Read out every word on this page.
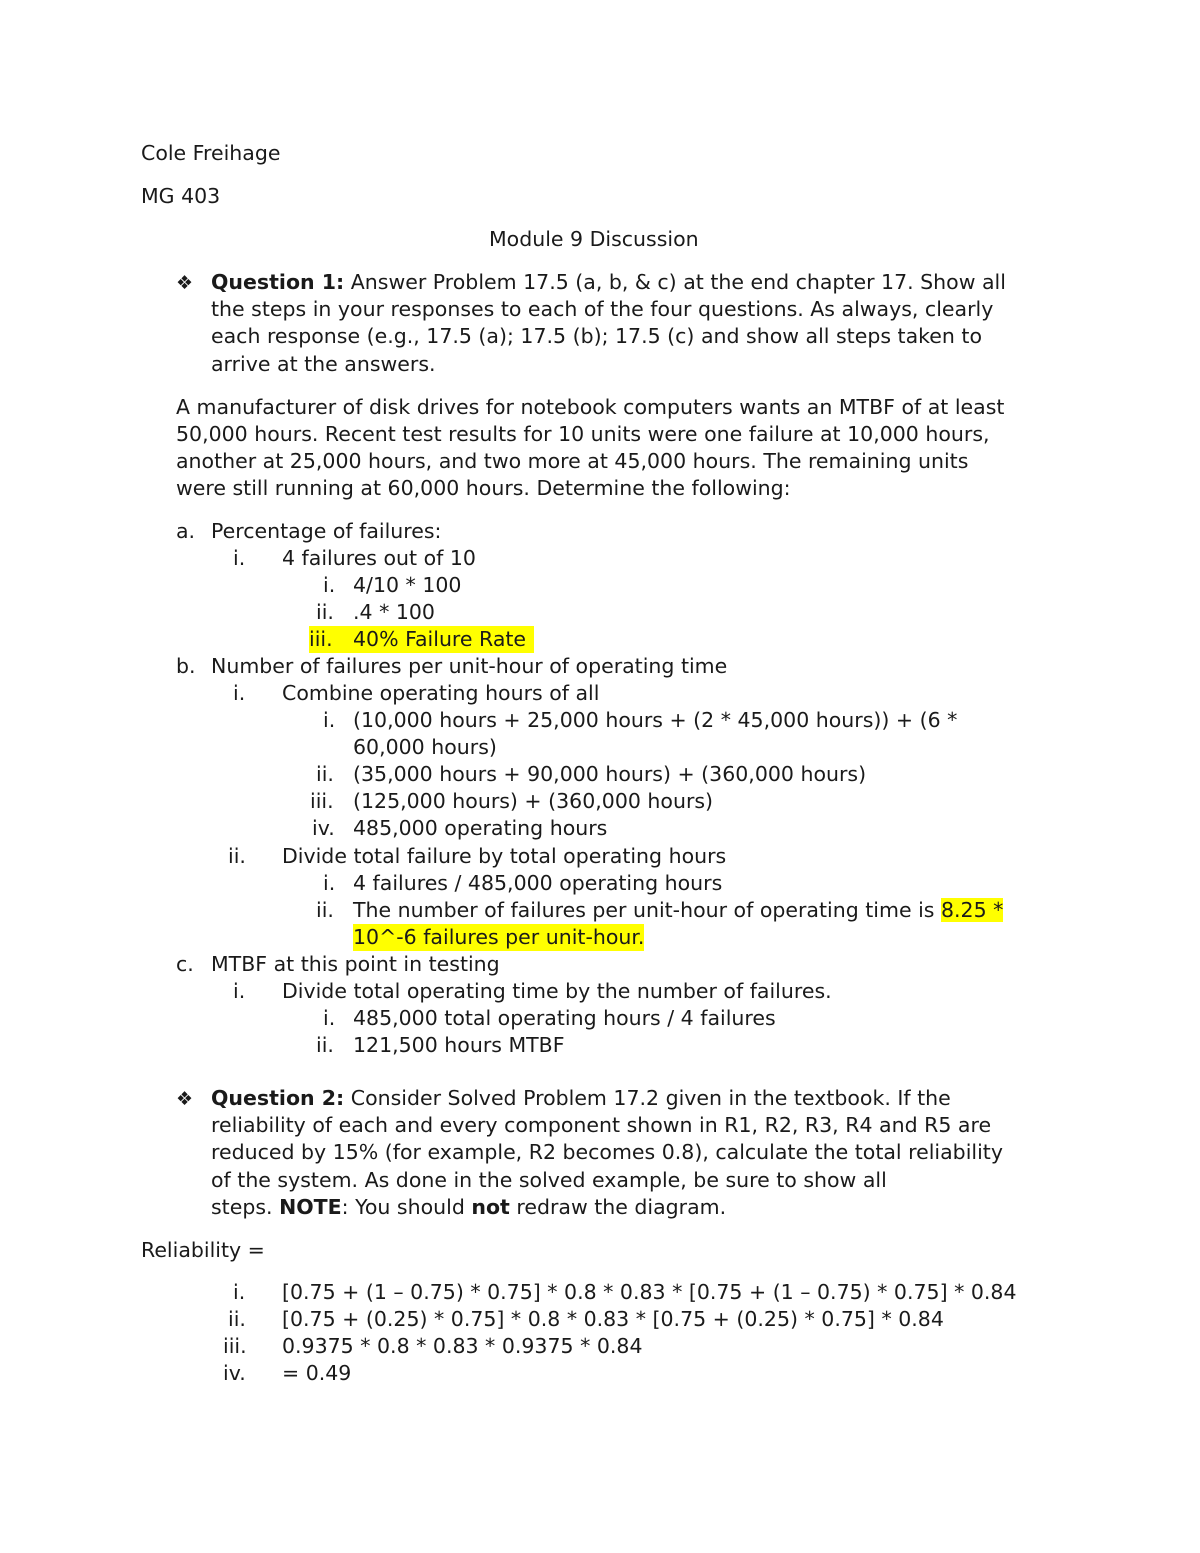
Cole Freihage
MG 403
Module 9 Discussion
❖ Question 1: Answer Problem 17.5 (a, b, & c) at the end chapter 17. Show all
the steps in your responses to each of the four questions. As always, clearly
each response (e.g., 17.5 (a); 17.5 (b); 17.5 (c) and show all steps taken to
arrive at the answers.
A manufacturer of disk drives for notebook computers wants an MTBF of at least
50,000 hours. Recent test results for 10 units were one failure at 10,000 hours,
another at 25,000 hours, and two more at 45,000 hours. The remaining units
were still running at 60,000 hours. Determine the following:
a. Percentage of failures:
i. 4 failures out of 10
i. 4/10 * 100
ii. .4 * 100
iii. 40% Failure Rate
b. Number of failures per unit-hour of operating time
i. Combine operating hours of all
i. (10,000 hours + 25,000 hours + (2 * 45,000 hours)) + (6 *
60,000 hours)
ii. (35,000 hours + 90,000 hours) + (360,000 hours)
iii. (125,000 hours) + (360,000 hours)
iv. 485,000 operating hours
ii. Divide total failure by total operating hours
i. 4 failures / 485,000 operating hours
ii. The number of failures per unit-hour of operating time is 8.25 *
10^-6 failures per unit-hour.
c. MTBF at this point in testing
i. Divide total operating time by the number of failures.
i. 485,000 total operating hours / 4 failures
ii. 121,500 hours MTBF
❖ Question 2: Consider Solved Problem 17.2 given in the textbook. If the
reliability of each and every component shown in R1, R2, R3, R4 and R5 are
reduced by 15% (for example, R2 becomes 0.8), calculate the total reliability
of the system. As done in the solved example, be sure to show all
steps. NOTE: You should not redraw the diagram.
Reliability =
i. [0.75 + (1 – 0.75) * 0.75] * 0.8 * 0.83 * [0.75 + (1 – 0.75) * 0.75] * 0.84
ii. [0.75 + (0.25) * 0.75] * 0.8 * 0.83 * [0.75 + (0.25) * 0.75] * 0.84
iii. 0.9375 * 0.8 * 0.83 * 0.9375 * 0.84
iv. = 0.49
